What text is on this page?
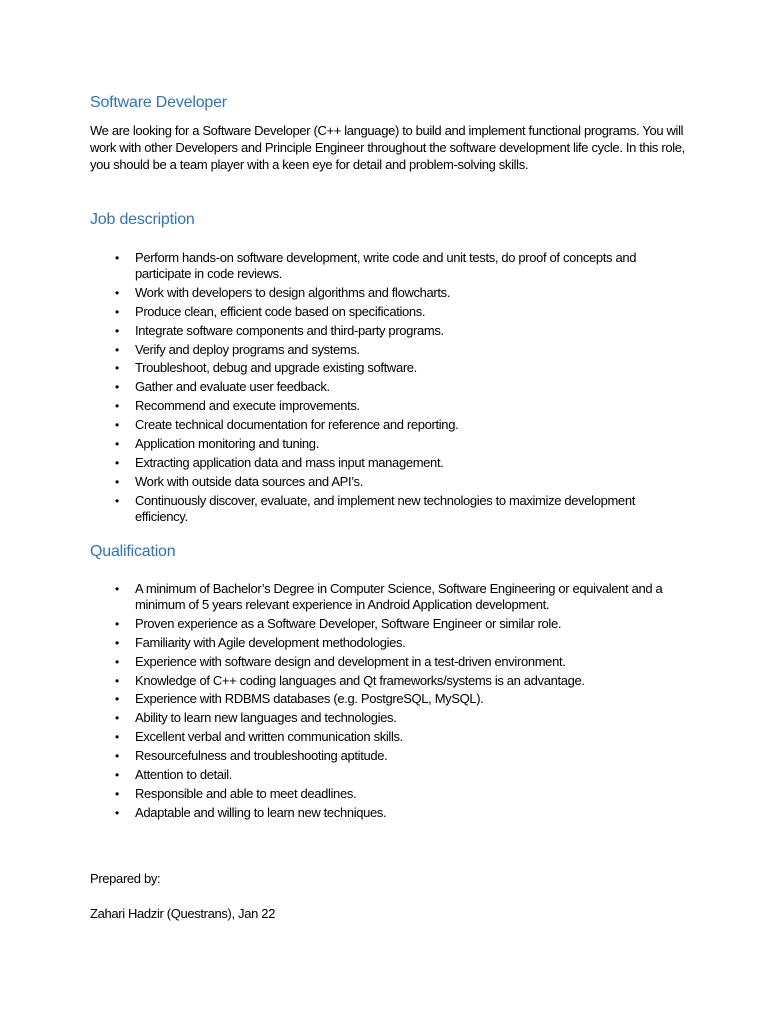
Software Developer

We are looking for a Software Developer (C++ language) to build and implement functional programs. You will work with other Developers and Principle Engineer throughout the software development life cycle. In this role, you should be a team player with a keen eye for detail and problem-solving skills.

Job description
• Perform hands-on software development, write code and unit tests, do proof of concepts and participate in code reviews.
• Work with developers to design algorithms and flowcharts.
• Produce clean, efficient code based on specifications.
• Integrate software components and third-party programs.
• Verify and deploy programs and systems.
• Troubleshoot, debug and upgrade existing software.
• Gather and evaluate user feedback.
• Recommend and execute improvements.
• Create technical documentation for reference and reporting.
• Application monitoring and tuning.
• Extracting application data and mass input management.
• Work with outside data sources and API’s.
• Continuously discover, evaluate, and implement new technologies to maximize development efficiency.
Qualification
• A minimum of Bachelor’s Degree in Computer Science, Software Engineering or equivalent and a minimum of 5 years relevant experience in Android Application development.
• Proven experience as a Software Developer, Software Engineer or similar role.
• Familiarity with Agile development methodologies.
• Experience with software design and development in a test-driven environment.
• Knowledge of C++ coding languages and Qt frameworks/systems is an advantage.
• Experience with RDBMS databases (e.g. PostgreSQL, MySQL).
• Ability to learn new languages and technologies.
• Excellent verbal and written communication skills.
• Resourcefulness and troubleshooting aptitude.
• Attention to detail.
• Responsible and able to meet deadlines.
• Adaptable and willing to learn new techniques.

Prepared by:

Zahari Hadzir (Questrans), Jan 22
